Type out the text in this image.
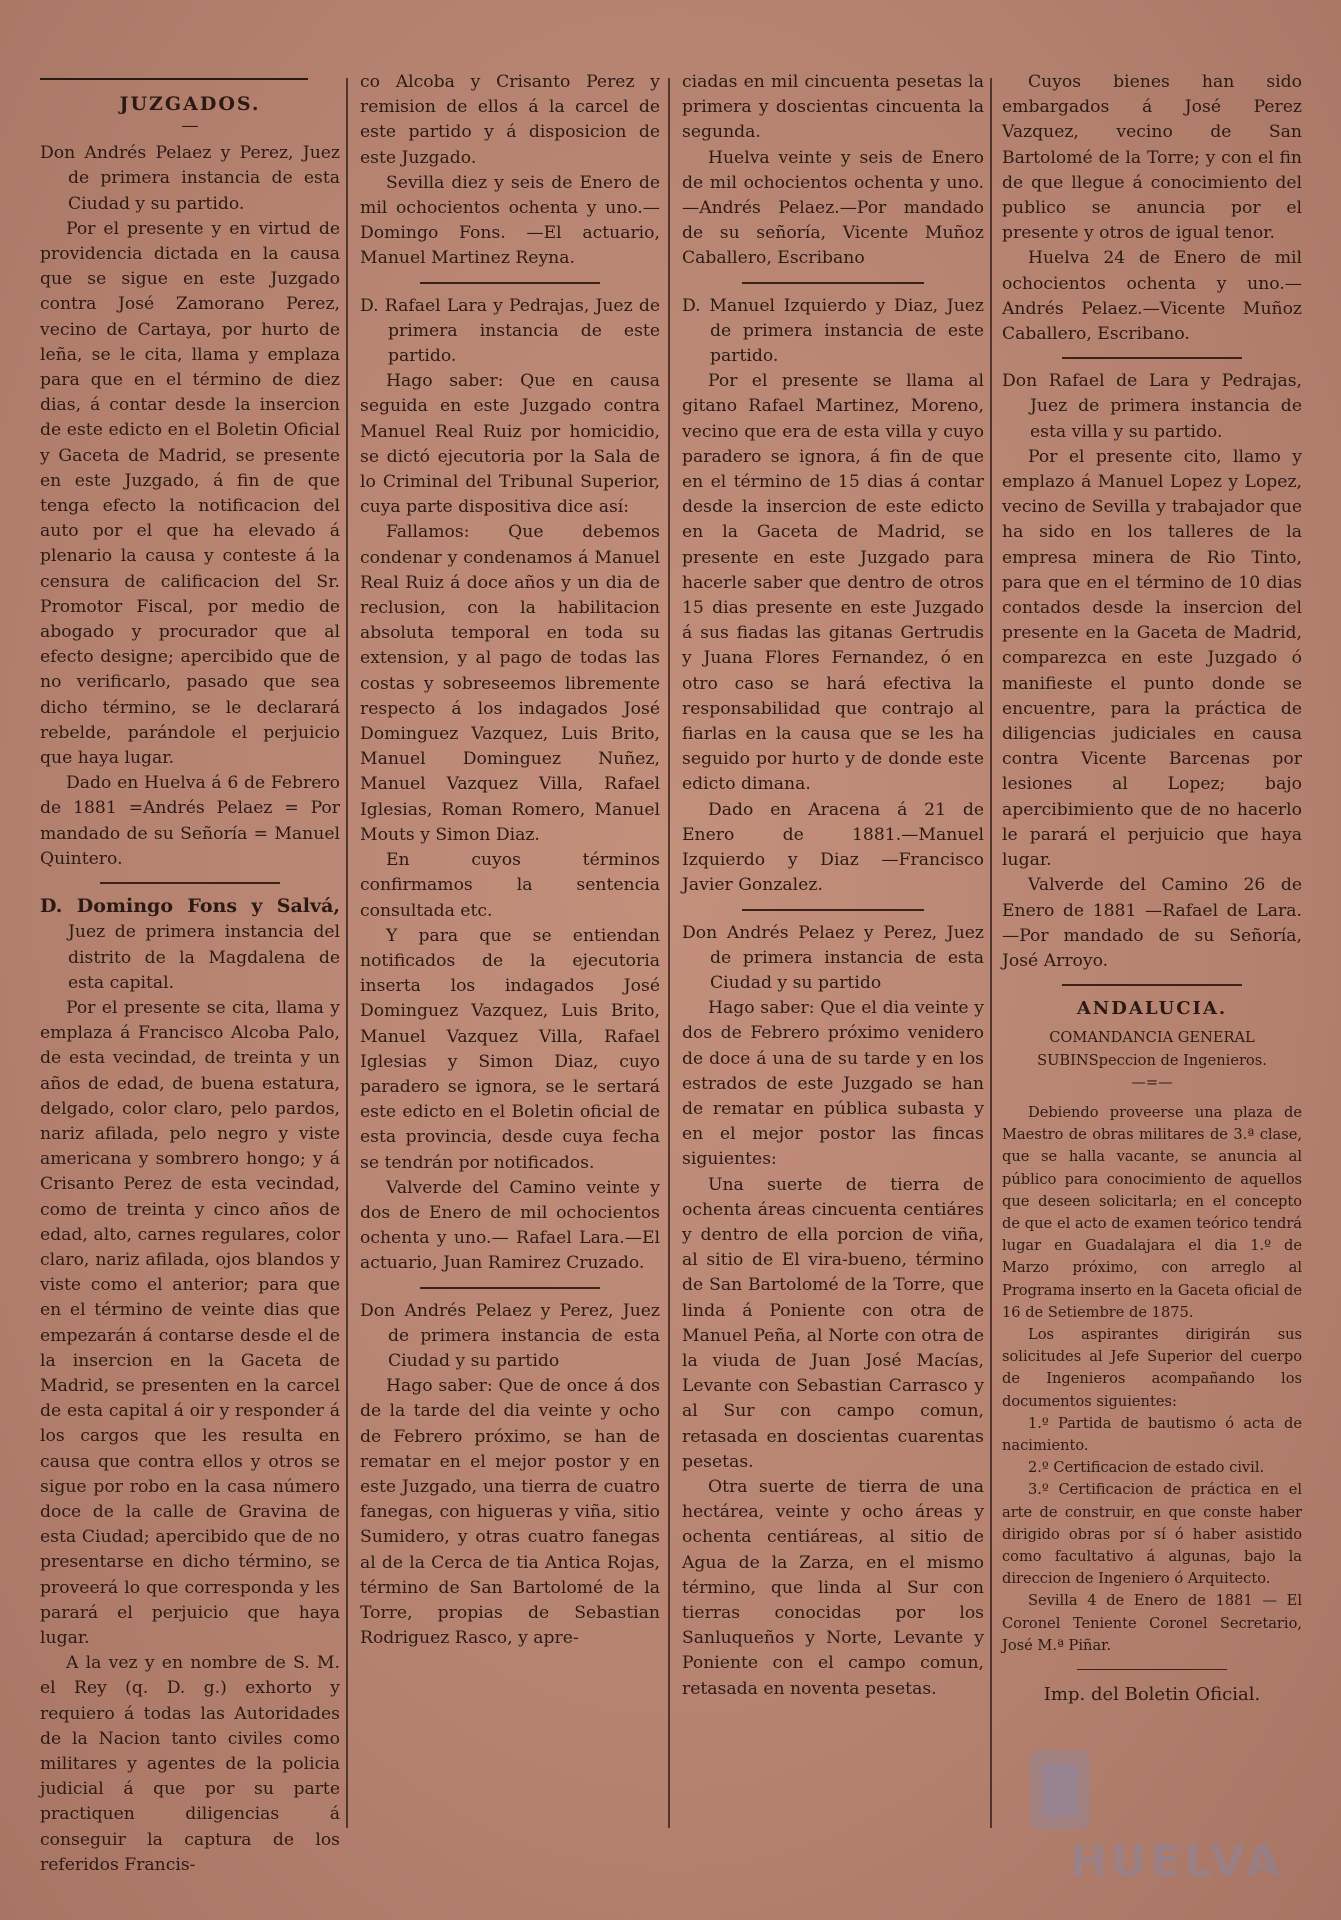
JUZGADOS.
—

Don Andrés Pelaez y Perez, Juez de primera instancia de esta Ciudad y su partido.

Por el presente y en virtud de providencia dictada en la causa que se sigue en este Juzgado contra José Zamorano Perez, vecino de Cartaya, por hurto de leña, se le cita, llama y emplaza para que en el término de diez dias, á contar desde la insercion de este edicto en el Boletin Oficial y Gaceta de Madrid, se presente en este Juzgado, á fin de que tenga efecto la notificacion del auto por el que ha elevado á plenario la causa y conteste á la censura de calificacion del Sr. Promotor Fiscal, por medio de abogado y procurador que al efecto designe; apercibido que de no verificarlo, pasado que sea dicho término, se le declarará rebelde, parándole el perjuicio que haya lugar.

Dado en Huelva á 6 de Febrero de 1881 =Andrés Pelaez = Por mandado de su Señoría = Manuel Quintero.

D. Domingo Fons y Salvá, Juez de primera instancia del distrito de la Magdalena de esta capital.

Por el presente se cita, llama y emplaza á Francisco Alcoba Palo, de esta vecindad, de treinta y un años de edad, de buena estatura, delgado, color claro, pelo pardos, nariz afilada, pelo negro y viste americana y sombrero hongo; y á Crisanto Perez de esta vecindad, como de treinta y cinco años de edad, alto, carnes regulares, color claro, nariz afilada, ojos blandos y viste como el anterior; para que en el término de veinte dias que empezarán á contarse desde el de la insercion en la Gaceta de Madrid, se presenten en la carcel de esta capital á oir y responder á los cargos que les resulta en causa que contra ellos y otros se sigue por robo en la casa número doce de la calle de Gravina de esta Ciudad; apercibido que de no presentarse en dicho término, se proveerá lo que corresponda y les parará el perjuicio que haya lugar.

A la vez y en nombre de S. M. el Rey (q. D. g.) exhorto y requiero á todas las Autoridades de la Nacion tanto civiles como militares y agentes de la policia judicial á que por su parte practiquen diligencias á conseguir la captura de los referidos Francis-

co Alcoba y Crisanto Perez y remision de ellos á la carcel de este partido y á disposicion de este Juzgado.

Sevilla diez y seis de Enero de mil ochocientos ochenta y uno.—Domingo Fons. —El actuario, Manuel Martinez Reyna.

D. Rafael Lara y Pedrajas, Juez de primera instancia de este partido.

Hago saber: Que en causa seguida en este Juzgado contra Manuel Real Ruiz por homicidio, se dictó ejecutoria por la Sala de lo Criminal del Tribunal Superior, cuya parte dispositiva dice así:

Fallamos: Que debemos condenar y condenamos á Manuel Real Ruiz á doce años y un dia de reclusion, con la habilitacion absoluta temporal en toda su extension, y al pago de todas las costas y sobreseemos libremente respecto á los indagados José Dominguez Vazquez, Luis Brito, Manuel Dominguez Nuñez, Manuel Vazquez Villa, Rafael Iglesias, Roman Romero, Manuel Mouts y Simon Diaz.

En cuyos términos confirmamos la sentencia consultada etc.

Y para que se entiendan notificados de la ejecutoria inserta los indagados José Dominguez Vazquez, Luis Brito, Manuel Vazquez Villa, Rafael Iglesias y Simon Diaz, cuyo paradero se ignora, se le sertará este edicto en el Boletin oficial de esta provincia, desde cuya fecha se tendrán por notificados.

Valverde del Camino veinte y dos de Enero de mil ochocientos ochenta y uno.— Rafael Lara.—El actuario, Juan Ramirez Cruzado.

Don Andrés Pelaez y Perez, Juez de primera instancia de esta Ciudad y su partido

Hago saber: Que de once á dos de la tarde del dia veinte y ocho de Febrero próximo, se han de rematar en el mejor postor y en este Juzgado, una tierra de cuatro fanegas, con higueras y viña, sitio Sumidero, y otras cuatro fanegas al de la Cerca de tia Antica Rojas, término de San Bartolomé de la Torre, propias de Sebastian Rodriguez Rasco, y apre-

ciadas en mil cincuenta pesetas la primera y doscientas cincuenta la segunda.

Huelva veinte y seis de Enero de mil ochocientos ochenta y uno.—Andrés Pelaez.—Por mandado de su señoría, Vicente Muñoz Caballero, Escribano

D. Manuel Izquierdo y Diaz, Juez de primera instancia de este partido.

Por el presente se llama al gitano Rafael Martinez, Moreno, vecino que era de esta villa y cuyo paradero se ignora, á fin de que en el término de 15 dias á contar desde la insercion de este edicto en la Gaceta de Madrid, se presente en este Juzgado para hacerle saber que dentro de otros 15 dias presente en este Juzgado á sus fiadas las gitanas Gertrudis y Juana Flores Fernandez, ó en otro caso se hará efectiva la responsabilidad que contrajo al fiarlas en la causa que se les ha seguido por hurto y de donde este edicto dimana.

Dado en Aracena á 21 de Enero de 1881.—Manuel Izquierdo y Diaz —Francisco Javier Gonzalez.

Don Andrés Pelaez y Perez, Juez de primera instancia de esta Ciudad y su partido

Hago saber: Que el dia veinte y dos de Febrero próximo venidero de doce á una de su tarde y en los estrados de este Juzgado se han de rematar en pública subasta y en el mejor postor las fincas siguientes:

Una suerte de tierra de ochenta áreas cincuenta centiáres y dentro de ella porcion de viña, al sitio de El vira-bueno, término de San Bartolomé de la Torre, que linda á Poniente con otra de Manuel Peña, al Norte con otra de la viuda de Juan José Macías, Levante con Sebastian Carrasco y al Sur con campo comun, retasada en doscientas cuarentas pesetas.

Otra suerte de tierra de una hectárea, veinte y ocho áreas y ochenta centiáreas, al sitio de Agua de la Zarza, en el mismo término, que linda al Sur con tierras conocidas por los Sanluqueños y Norte, Levante y Poniente con el campo comun, retasada en noventa pesetas.

Cuyos bienes han sido embargados á José Perez Vazquez, vecino de San Bartolomé de la Torre; y con el fin de que llegue á conocimiento del publico se anuncia por el presente y otros de igual tenor.

Huelva 24 de Enero de mil ochocientos ochenta y uno.—Andrés Pelaez.—Vicente Muñoz Caballero, Escribano.

Don Rafael de Lara y Pedrajas, Juez de primera instancia de esta villa y su partido.

Por el presente cito, llamo y emplazo á Manuel Lopez y Lopez, vecino de Sevilla y trabajador que ha sido en los talleres de la empresa minera de Rio Tinto, para que en el término de 10 dias contados desde la insercion del presente en la Gaceta de Madrid, comparezca en este Juzgado ó manifieste el punto donde se encuentre, para la práctica de diligencias judiciales en causa contra Vicente Barcenas por lesiones al Lopez; bajo apercibimiento que de no hacerlo le parará el perjuicio que haya lugar.

Valverde del Camino 26 de Enero de 1881 —Rafael de Lara.—Por mandado de su Señoría, José Arroyo.

ANDALUCIA.

COMANDANCIA GENERAL SUBINSpeccion de Ingenieros.

—=—

Debiendo proveerse una plaza de Maestro de obras militares de 3.ª clase, que se halla vacante, se anuncia al público para conocimiento de aquellos que deseen solicitarla; en el concepto de que el acto de examen teórico tendrá lugar en Guadalajara el dia 1.º de Marzo próximo, con arreglo al Programa inserto en la Gaceta oficial de 16 de Setiembre de 1875.

Los aspirantes dirigirán sus solicitudes al Jefe Superior del cuerpo de Ingenieros acompañando los documentos siguientes:

1.º Partida de bautismo ó acta de nacimiento.

2.º Certificacion de estado civil.

3.º Certificacion de práctica en el arte de construir, en que conste haber dirigido obras por sí ó haber asistido como facultativo á algunas, bajo la direccion de Ingeniero ó Arquitecto.

Sevilla 4 de Enero de 1881 — El Coronel Teniente Coronel Secretario, José M.ª Piñar.

Imp. del Boletin Oficial.
HUELVA
